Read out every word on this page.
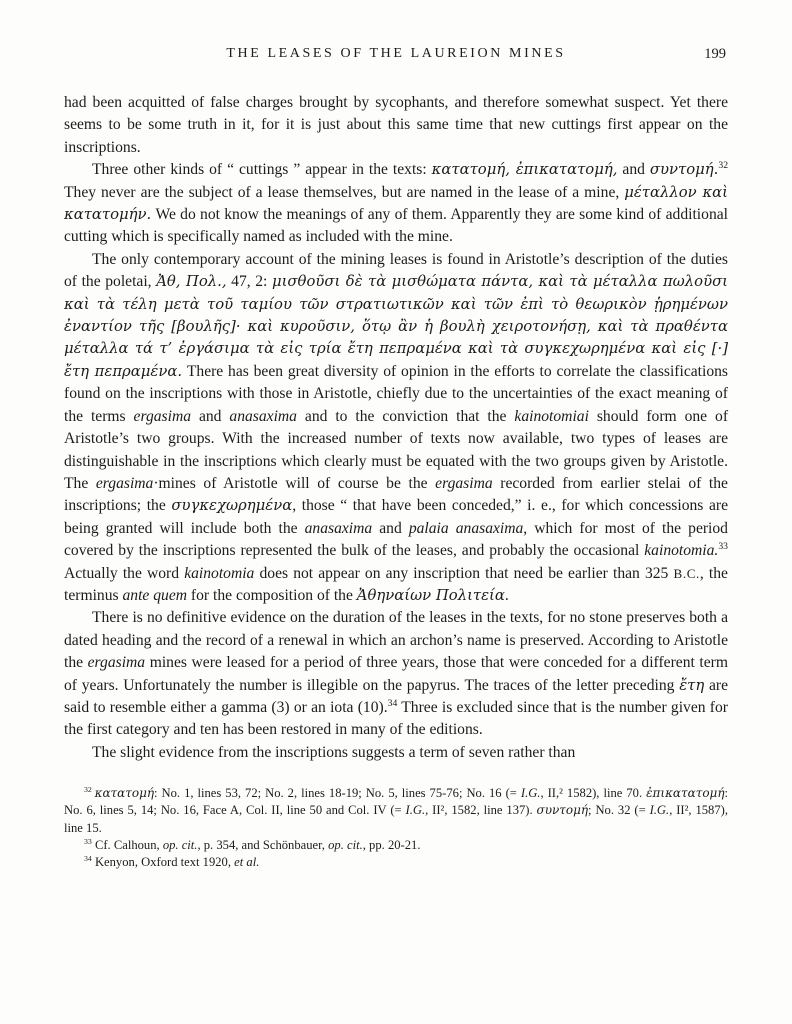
THE LEASES OF THE LAUREION MINES	199

had been acquitted of false charges brought by sycophants, and therefore somewhat suspect. Yet there seems to be some truth in it, for it is just about this same time that new cuttings first appear on the inscriptions.

Three other kinds of “ cuttings ” appear in the texts: κατατομή, ἐπικατατομή, and συντομή.$^{32}$ They never are the subject of a lease themselves, but are named in the lease of a mine, μέταλλον καὶ κατατομήν. We do not know the meanings of any of them. Apparently they are some kind of additional cutting which is specifically named as included with the mine.

The only contemporary account of the mining leases is found in Aristotle’s description of the duties of the poletai, Ἀθ, Πολ., 47, 2: μισθοῦσι δὲ τὰ μισθώματα πάντα, καὶ τὰ μέταλλα πωλοῦσι καὶ τὰ τέλη μετὰ τοῦ ταμίου τῶν στρατιωτικῶν καὶ τῶν ἐπὶ τὸ θεωρικὸν ᾑρημένων ἐναντίον τῆς [βουλῆς]· καὶ κυροῦσιν, ὅτῳ ἂν ἡ βουλὴ χειροτονήσῃ, καὶ τὰ πραθέντα μέταλλα τά τ’ ἐργάσιμα τὰ εἰς τρία ἔτη πεπραμένα καὶ τὰ συγκεχωρημένα καὶ εἰς [·] ἔτη πεπραμένα. There has been great diversity of opinion in the efforts to correlate the classifications found on the inscriptions with those in Aristotle, chiefly due to the uncertainties of the exact meaning of the terms ergasima and anasaxima and to the conviction that the kainotomiai should form one of Aristotle’s two groups. With the increased number of texts now available, two types of leases are distinguishable in the inscriptions which clearly must be equated with the two groups given by Aristotle. The ergasima·mines of Aristotle will of course be the ergasima recorded from earlier stelai of the inscriptions; the συγκεχωρημένα, those “ that have been conceded,” i. e., for which concessions are being granted will include both the anasaxima and palaia anasaxima, which for most of the period covered by the inscriptions represented the bulk of the leases, and probably the occasional kainotomia.$^{33}$ Actually the word kainotomia does not appear on any inscription that need be earlier than 325 B.C., the terminus ante quem for the composition of the Ἀθηναίων Πολιτεία.

There is no definitive evidence on the duration of the leases in the texts, for no stone preserves both a dated heading and the record of a renewal in which an archon’s name is preserved. According to Aristotle the ergasima mines were leased for a period of three years, those that were conceded for a different term of years. Unfortunately the number is illegible on the papyrus. The traces of the letter preceding ἔτη are said to resemble either a gamma (3) or an iota (10).$^{34}$ Three is excluded since that is the number given for the first category and ten has been restored in many of the editions.

The slight evidence from the inscriptions suggests a term of seven rather than

$^{32}$ κατατομή: No. 1, lines 53, 72; No. 2, lines 18-19; No. 5, lines 75-76; No. 16 (= I.G., II,² 1582), line 70. ἐπικατατομή: No. 6, lines 5, 14; No. 16, Face A, Col. II, line 50 and Col. IV (= I.G., II², 1582, line 137). συντομή; No. 32 (= I.G., II², 1587), line 15.

$^{33}$ Cf. Calhoun, op. cit., p. 354, and Schönbauer, op. cit., pp. 20-21.

$^{34}$ Kenyon, Oxford text 1920, et al.
